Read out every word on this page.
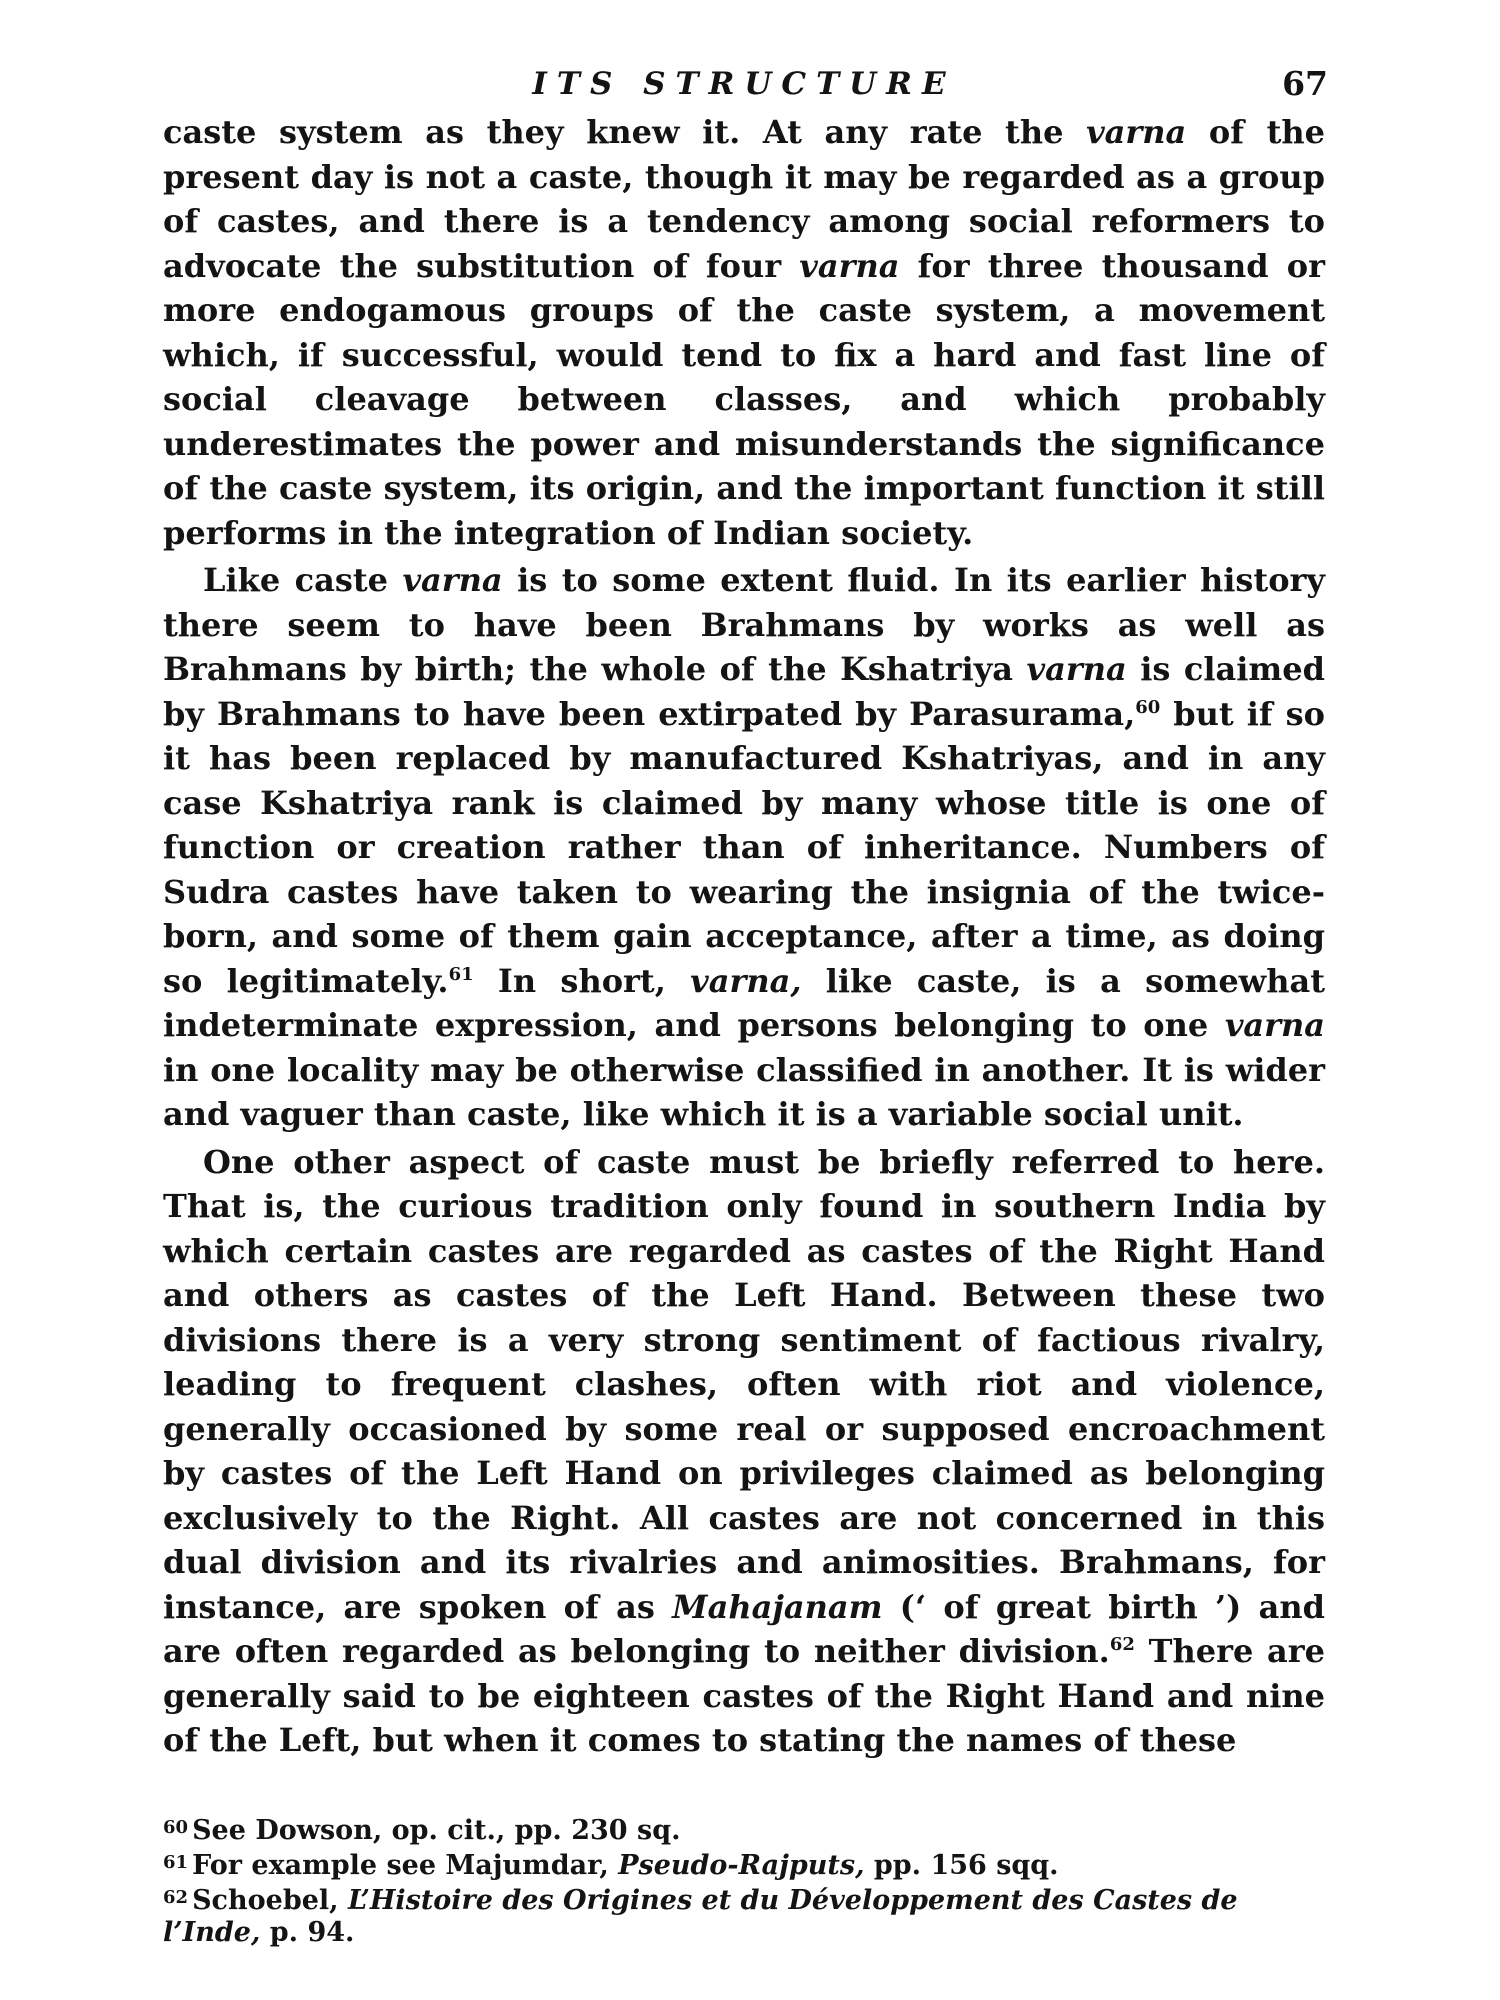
ITS STRUCTURE	67

caste system as they knew it. At any rate the varna of the present day is not a caste, though it may be regarded as a group of castes, and there is a tendency among social reformers to advocate the substitution of four varna for three thousand or more endogamous groups of the caste system, a movement which, if successful, would tend to fix a hard and fast line of social cleavage between classes, and which probably underestimates the power and misunderstands the significance of the caste system, its origin, and the important function it still performs in the integration of Indian society.

Like caste varna is to some extent fluid. In its earlier history there seem to have been Brahmans by works as well as Brahmans by birth; the whole of the Kshatriya varna is claimed by Brahmans to have been extirpated by Parasurama,$^{60}$ but if so it has been replaced by manufactured Kshatriyas, and in any case Kshatriya rank is claimed by many whose title is one of function or creation rather than of inheritance. Numbers of Sudra castes have taken to wearing the insignia of the twice-born, and some of them gain acceptance, after a time, as doing so legitimately.$^{61}$ In short, varna, like caste, is a somewhat indeterminate expression, and persons belonging to one varna in one locality may be otherwise classified in another. It is wider and vaguer than caste, like which it is a variable social unit.

One other aspect of caste must be briefly referred to here. That is, the curious tradition only found in southern India by which certain castes are regarded as castes of the Right Hand and others as castes of the Left Hand. Between these two divisions there is a very strong sentiment of factious rivalry, leading to frequent clashes, often with riot and violence, generally occasioned by some real or supposed encroachment by castes of the Left Hand on privileges claimed as belonging exclusively to the Right. All castes are not concerned in this dual division and its rivalries and animosities. Brahmans, for instance, are spoken of as Mahajanam (‘ of great birth ’) and are often regarded as belonging to neither division.$^{62}$ There are generally said to be eighteen castes of the Right Hand and nine of the Left, but when it comes to stating the names of these

$^{60}$ See Dowson, op. cit., pp. 230 sq.

$^{61}$ For example see Majumdar, Pseudo-Rajputs, pp. 156 sqq.

$^{62}$ Schoebel, L’Histoire des Origines et du Développement des Castes de l’Inde, p. 94.
